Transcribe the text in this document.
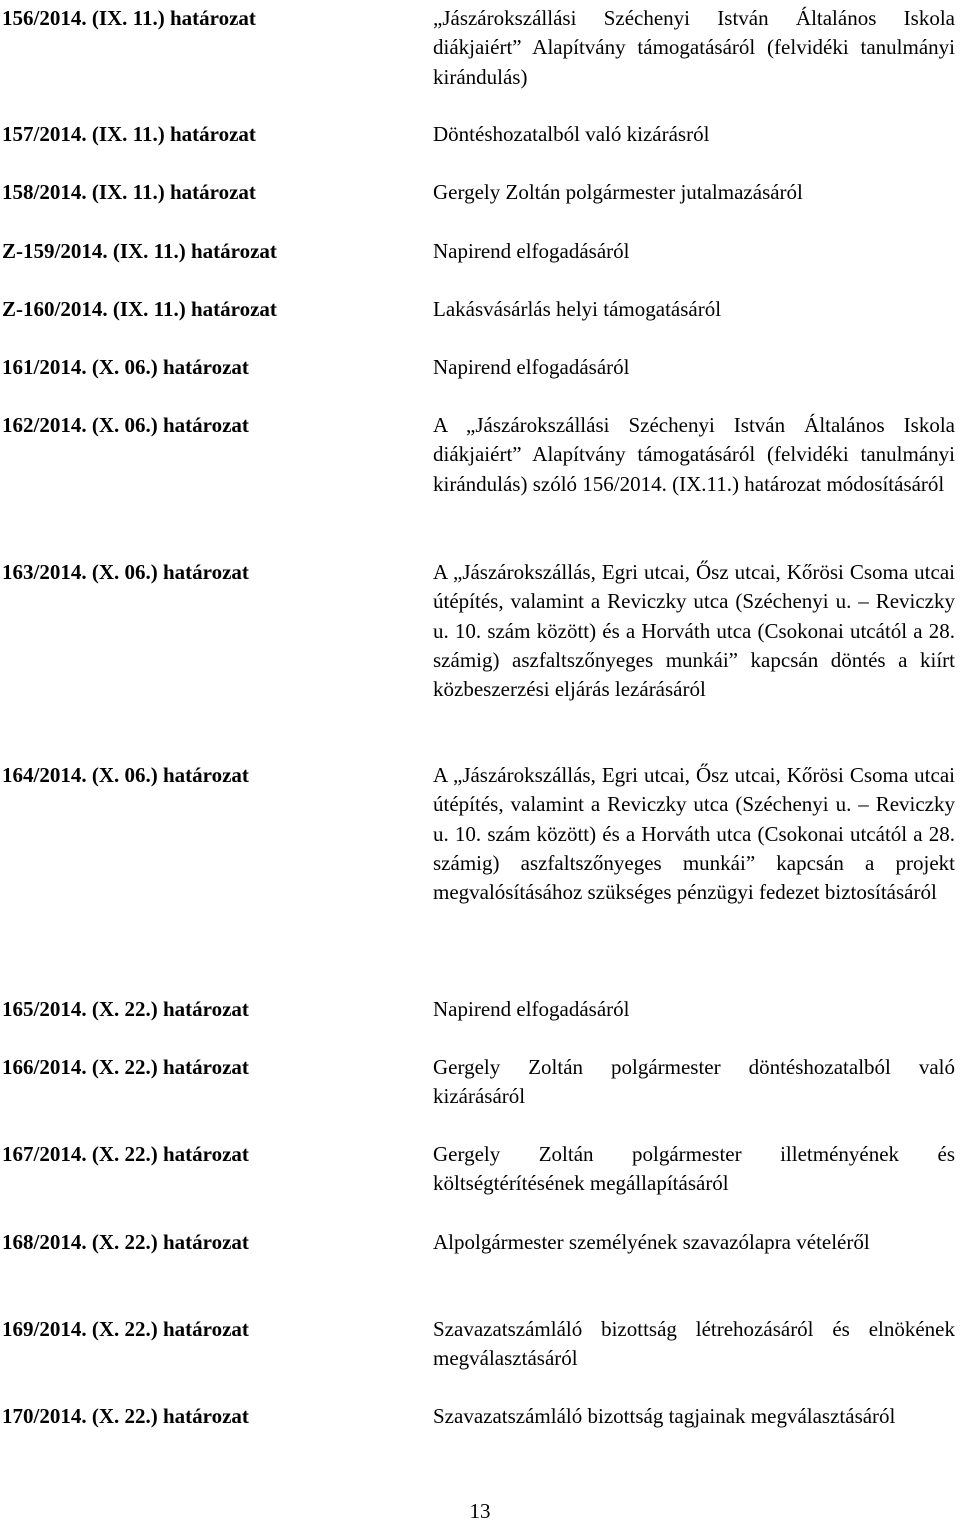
156/2014. (IX. 11.) határozat	„Jászárokszállási Széchenyi István Általános Iskola diákjaiért” Alapítvány támogatásáról (felvidéki tanulmányi kirándulás)
157/2014. (IX. 11.) határozat	Döntéshozatalból való kizárásról
158/2014. (IX. 11.) határozat	Gergely Zoltán polgármester jutalmazásáról
Z-159/2014. (IX. 11.) határozat	Napirend elfogadásáról
Z-160/2014. (IX. 11.) határozat	Lakásvásárlás helyi támogatásáról
161/2014. (X. 06.) határozat	Napirend elfogadásáról
162/2014. (X. 06.) határozat	A „Jászárokszállási Széchenyi István Általános Iskola diákjaiért” Alapítvány támogatásáról (felvidéki tanulmányi kirándulás) szóló 156/2014. (IX.11.) határozat módosításáról
163/2014. (X. 06.) határozat	A „Jászárokszállás, Egri utcai, Ősz utcai, Kőrösi Csoma utcai útépítés, valamint a Reviczky utca (Széchenyi u. – Reviczky u. 10. szám között) és a Horváth utca (Csokonai utcától a 28. számig) aszfaltszőnyeges munkái” kapcsán döntés a kiírt közbeszerzési eljárás lezárásáról
164/2014. (X. 06.) határozat	A „Jászárokszállás, Egri utcai, Ősz utcai, Kőrösi Csoma utcai útépítés, valamint a Reviczky utca (Széchenyi u. – Reviczky u. 10. szám között) és a Horváth utca (Csokonai utcától a 28. számig) aszfaltszőnyeges munkái” kapcsán a projekt megvalósításához szükséges pénzügyi fedezet biztosításáról
165/2014. (X. 22.) határozat	Napirend elfogadásáról
166/2014. (X. 22.) határozat	Gergely Zoltán polgármester döntéshozatalból való kizárásáról
167/2014. (X. 22.) határozat	Gergely Zoltán polgármester illetményének és költségtérítésének megállapításáról
168/2014. (X. 22.) határozat	Alpolgármester személyének szavazólapra vételéről
169/2014. (X. 22.) határozat	Szavazatszámláló bizottság létrehozásáról és elnökének megválasztásáról
170/2014. (X. 22.) határozat	Szavazatszámláló bizottság tagjainak megválasztásáról
13
